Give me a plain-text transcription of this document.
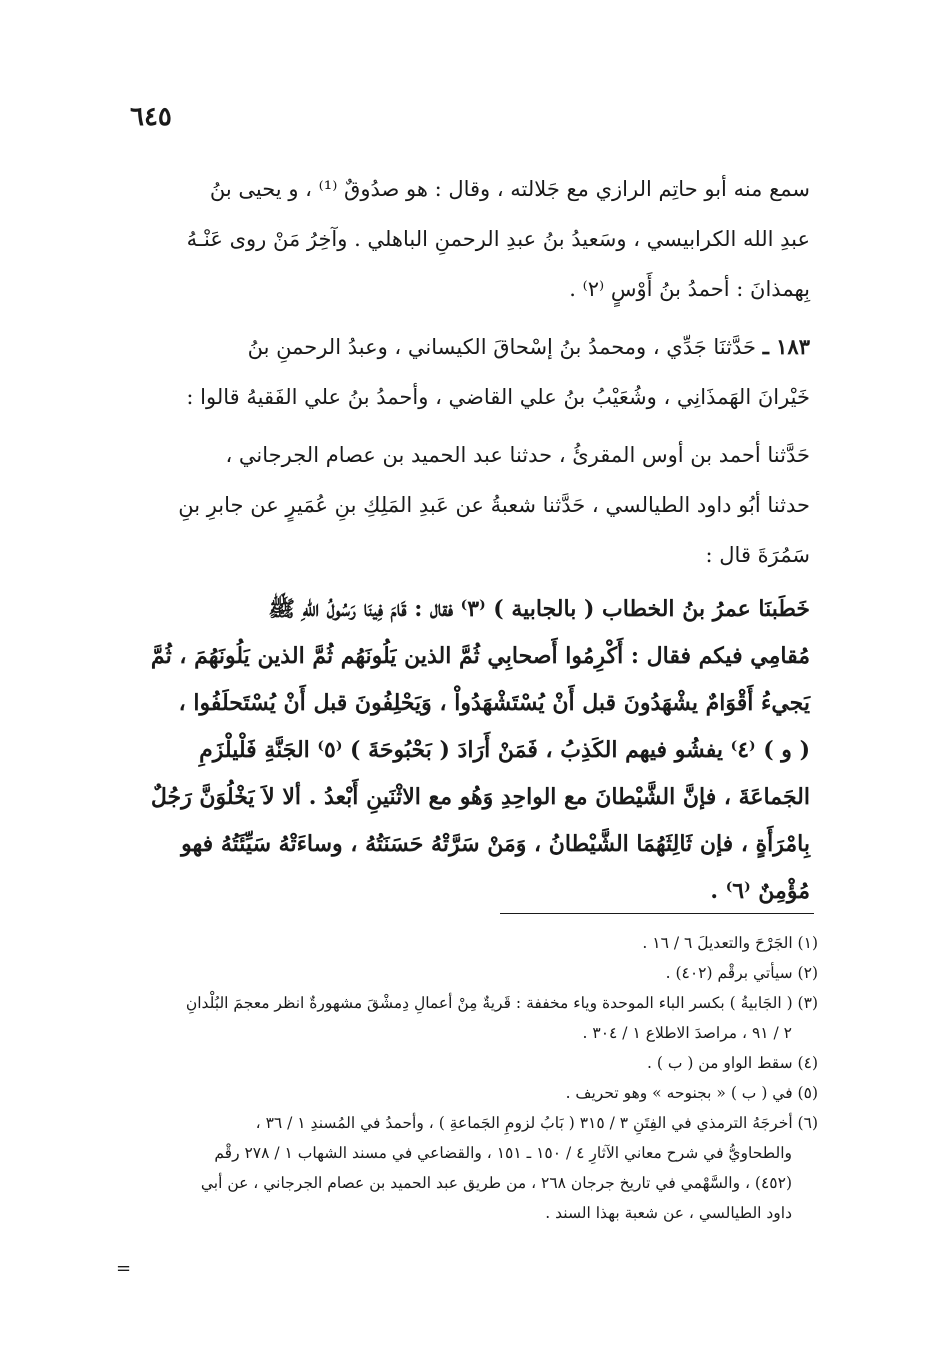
٦٤٥
سمع منه أبو حاتِم الرازي مع جَلالته ، وقال : هو صدُوقٌ ⁽¹⁾ ، و يحيى بنُ
عبدِ الله الكرابيسي ، وسَعيدُ بنُ عبدِ الرحمنِ الباهلي . وآخِرُ مَنْ روى عَنْـهُ
بِهمذانَ : أحمدُ بنُ أَوْسٍ ⁽٢⁾ .
١٨٣ ـ حَدَّثنَا جَدِّي ، ومحمدُ بنُ إسْحاقَ الكيساني ، وعبدُ الرحمنِ بنُ
خَيْرانَ الهَمذَانِي ، وشُعَيْبُ بنُ علي القاضي ، وأحمدُ بنُ علي الفَقيهُ قالوا :
حَدَّثنا أحمد بن أوس المقرئُ ، حدثنا عبد الحميد بن عصام الجرجاني ،
حدثنا أبُو داود الطيالسي ، حَدَّثنا شعبةُ عن عَبدِ المَلِكِ بنِ عُمَيرٍ عن جابرِ بنِ
سَمُرَةَ قال :
خَطَبنَا عمرُ بنُ الخطاب ( بالجابية ) ⁽٣⁾ فقال : قَامَ فِينَا رَسُولُ اللهِ ﷺ
مُقامِي فيكم فقال : أَكْرِمُوا أَصحابِي ثُمَّ الذين يَلُونَهُم ثُمَّ الذين يَلُونَهُمَ ، ثُمَّ
يَجيءُ أَقْوَامٌ يشْهَدُونَ قبل أَنْ يُسْتَشْهَدُواْ ، وَيَحْلِفُونَ قبل أَنْ يُسْتَحلَفُوا ،
( و ) ⁽٤⁾ يفشُو فيهم الكَذِبُ ، فَمَنْ أَرَادَ ( بَحْبُوحَةَ ) ⁽٥⁾ الجَنَّةِ فَلْيلْزَمِ
الجَماعَةَ ، فإنَّ الشَّيْطانَ مع الواحِدِ وَهُو مع الاثْنَينِ أَبْعدُ . ألا لاَ يَخْلُوَنَّ رَجُلٌ
بِامْرَأَةٍ ، فإن ثَالِثَهُمَا الشَّيْطانُ ، وَمَنْ سَرَّتْهُ حَسَنَتُهُ ، وساءَتْهُ سَيِّئَتُهُ فهو
مُؤْمِنٌ ⁽٦⁾ .
(١) الجَرْحَ والتعديلَ ٦ / ١٦ .
(٢) سيأتي برقْم (٤٠٢) .
(٣) ( الجَابيةُ ) بكسر الباء الموحدة وياء مخففة : قَريةٌ مِنْ أعمالِ دِمشْقَ مشهورةٌ انظر معجمَ البُلْدانِ
٢ / ٩١ ، مراصدَ الاطلاع ١ / ٣٠٤ .
(٤) سقط الواو من ( ب ) .
(٥) في ( ب ) « بجنوحه » وهو تحريف .
(٦) أخرجَهُ الترمذي في الفِتَنِ ٣ / ٣١٥ ( بَابُ لزومِ الجَماعةِ ) ، وأحمدُ في المُسندِ ١ / ٣٦ ،
والطحاويُّ في شرح معاني الآثارِ ٤ / ١٥٠ ـ ١٥١ ، والقضاعي في مسند الشهاب ١ / ٢٧٨ رقْم
(٤٥٢) ، والسَّهْمي في تاريخ جرجان ٢٦٨ ، من طريق عبد الحميد بن عصام الجرجاني ، عن أبي
داود الطيالسي ، عن شعبة بهذا السند .
=
